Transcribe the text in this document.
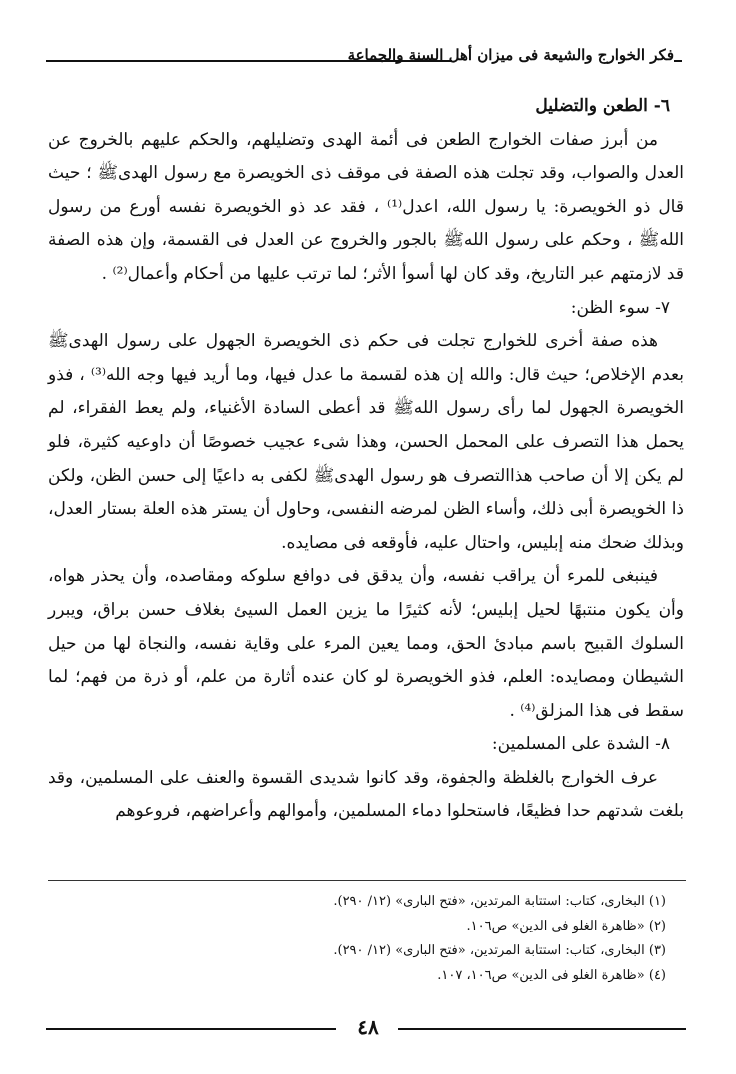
فكر الخوارج والشيعة فى ميزان أهل السنة والجماعة

٦- الطعن والتضليل

من أبرز صفات الخوارج الطعن فى أئمة الهدى وتضليلهم، والحكم عليهم بالخروج عن العدل والصواب، وقد تجلت هذه الصفة فى موقف ذى الخويصرة مع رسول الهدىﷺ ؛ حيث قال ذو الخويصرة: يا رسول الله، اعدل⁽¹⁾ ، فقد عد ذو الخويصرة نفسه أورع من رسول اللهﷺ ، وحكم على رسول اللهﷺ بالجور والخروج عن العدل فى القسمة، وإن هذه الصفة قد لازمتهم عبر التاريخ، وقد كان لها أسوأ الأثر؛ لما ترتب عليها من أحكام وأعمال⁽²⁾ .

٧- سوء الظن:

هذه صفة أخرى للخوارج تجلت فى حكم ذى الخويصرة الجهول على رسول الهدىﷺ بعدم الإخلاص؛ حيث قال: والله إن هذه لقسمة ما عدل فيها، وما أريد فيها وجه الله⁽³⁾ ، فذو الخويصرة الجهول لما رأى رسول اللهﷺ قد أعطى السادة الأغنياء، ولم يعط الفقراء، لم يحمل هذا التصرف على المحمل الحسن، وهذا شىء عجيب خصوصًا أن داوعيه كثيرة، فلو لم يكن إلا أن صاحب هذاالتصرف هو رسول الهدىﷺ لكفى به داعيًا إلى حسن الظن، ولكن ذا الخويصرة أبى ذلك، وأساء الظن لمرضه النفسى، وحاول أن يستر هذه العلة بستار العدل، وبذلك ضحك منه إبليس، واحتال عليه، فأوقعه فى مصايده.

فينبغى للمرء أن يراقب نفسه، وأن يدقق فى دوافع سلوكه ومقاصده، وأن يحذر هواه، وأن يكون منتبهًا لحيل إبليس؛ لأنه كثيرًا ما يزين العمل السيئ بغلاف حسن براق، ويبرر السلوك القبيح باسم مبادئ الحق، ومما يعين المرء على وقاية نفسه، والنجاة لها من حيل الشيطان ومصايده: العلم، فذو الخويصرة لو كان عنده أثارة من علم، أو ذرة من فهم؛ لما سقط فى هذا المزلق⁽⁴⁾ .

٨- الشدة على المسلمين:

عرف الخوارج بالغلظة والجفوة، وقد كانوا شديدى القسوة والعنف على المسلمين، وقد بلغت شدتهم حدا فظيعًا، فاستحلوا دماء المسلمين، وأموالهم وأعراضهم، فروعوهم

(١) البخارى، كتاب: استتابة المرتدين، «فتح البارى» (١٢/ ٢٩٠).

(٢) «ظاهرة الغلو فى الدين» ص١٠٦.

(٣) البخارى، كتاب: استتابة المرتدين، «فتح البارى» (١٢/ ٢٩٠).

(٤) «ظاهرة الغلو فى الدين» ص١٠٦، ١٠٧.

٤٨
